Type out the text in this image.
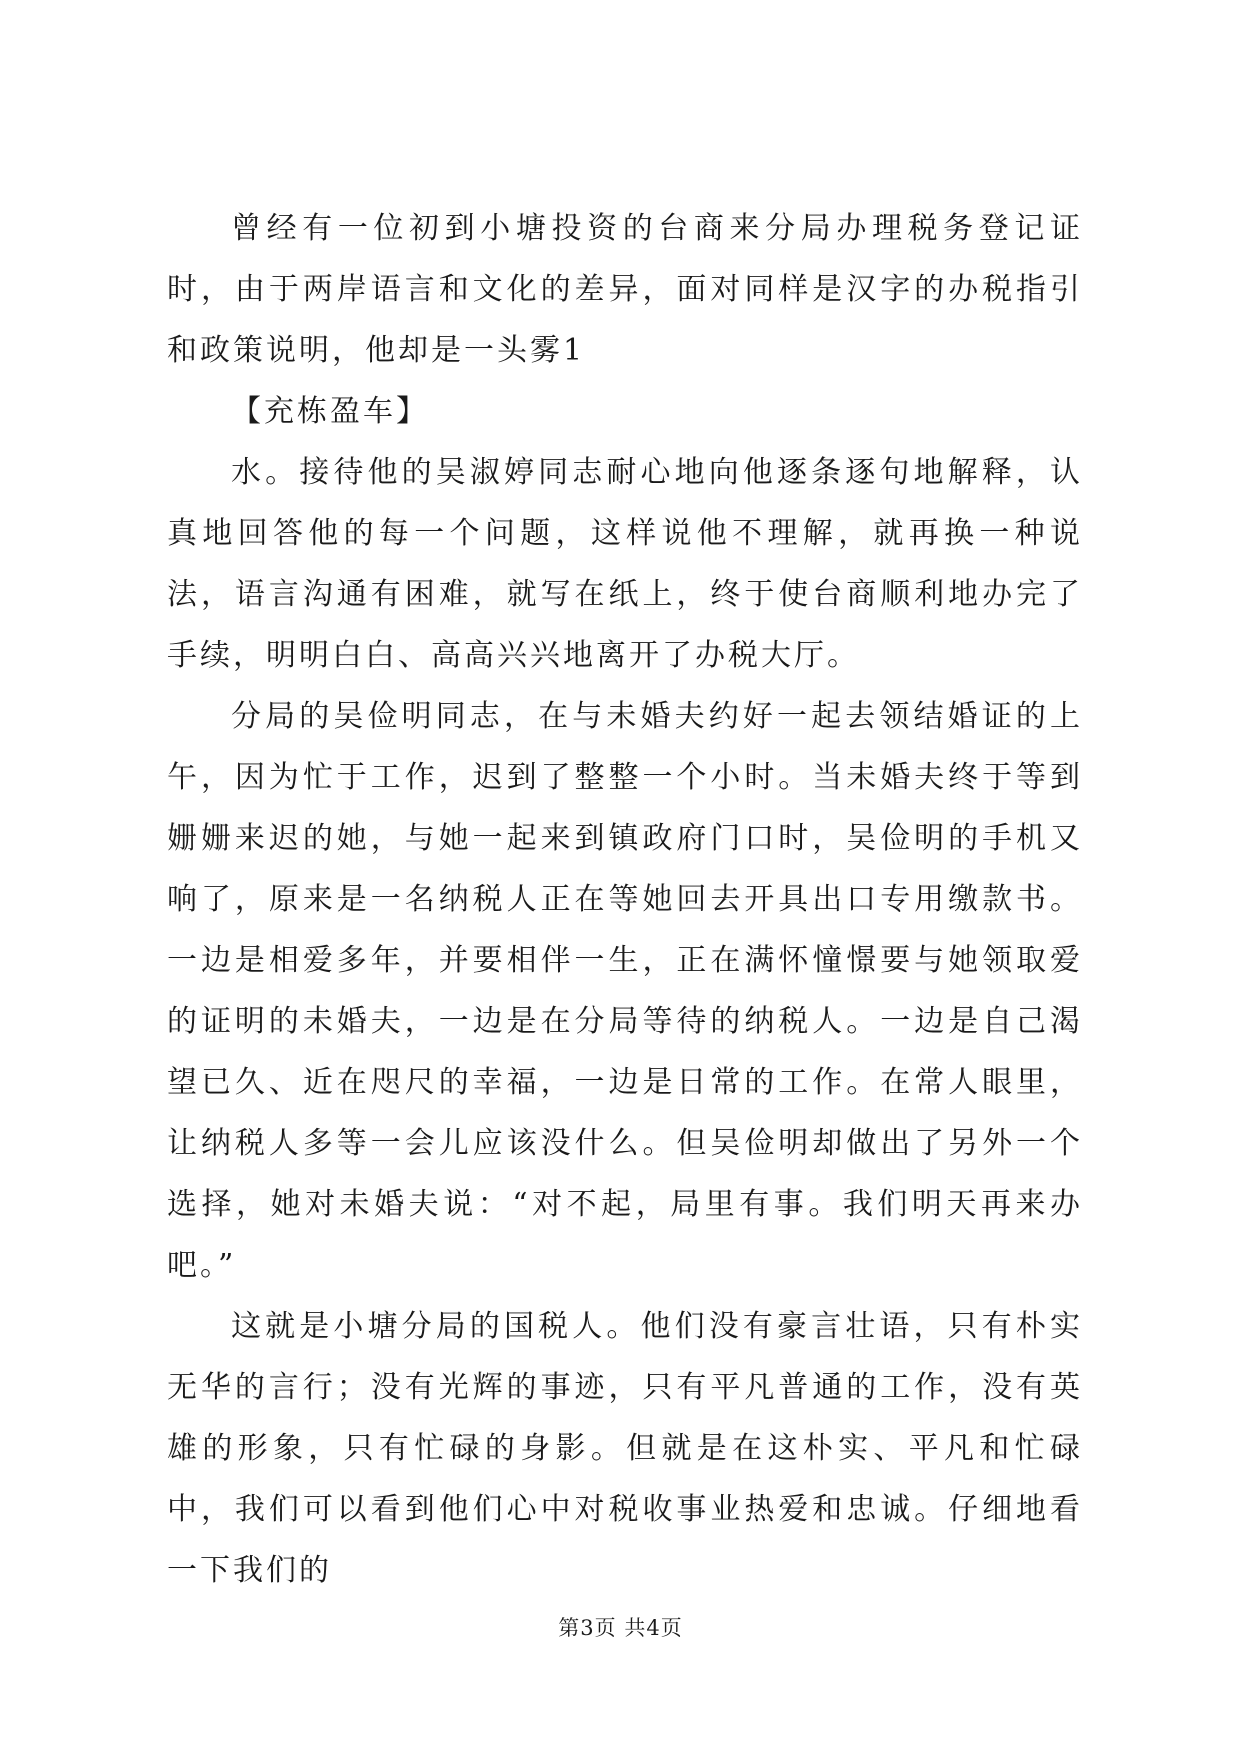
曾经有一位初到小塘投资的台商来分局办理税务登记证时，由于两岸语言和文化的差异，面对同样是汉字的办税指引和政策说明，他却是一头雾1

【充栋盈车】

水。接待他的吴淑婷同志耐心地向他逐条逐句地解释，认真地回答他的每一个问题，这样说他不理解，就再换一种说法，语言沟通有困难，就写在纸上，终于使台商顺利地办完了手续，明明白白、高高兴兴地离开了办税大厅。

分局的吴俭明同志，在与未婚夫约好一起去领结婚证的上午，因为忙于工作，迟到了整整一个小时。当未婚夫终于等到姗姗来迟的她，与她一起来到镇政府门口时，吴俭明的手机又响了，原来是一名纳税人正在等她回去开具出口专用缴款书。一边是相爱多年，并要相伴一生，正在满怀憧憬要与她领取爱的证明的未婚夫，一边是在分局等待的纳税人。一边是自己渴望已久、近在咫尺的幸福，一边是日常的工作。在常人眼里，让纳税人多等一会儿应该没什么。但吴俭明却做出了另外一个选择，她对未婚夫说：“对不起，局里有事。我们明天再来办吧。”

这就是小塘分局的国税人。他们没有豪言壮语，只有朴实无华的言行；没有光辉的事迹，只有平凡普通的工作，没有英雄的形象，只有忙碌的身影。但就是在这朴实、平凡和忙碌中，我们可以看到他们心中对税收事业热爱和忠诚。仔细地看一下我们的

第3页 共4页
